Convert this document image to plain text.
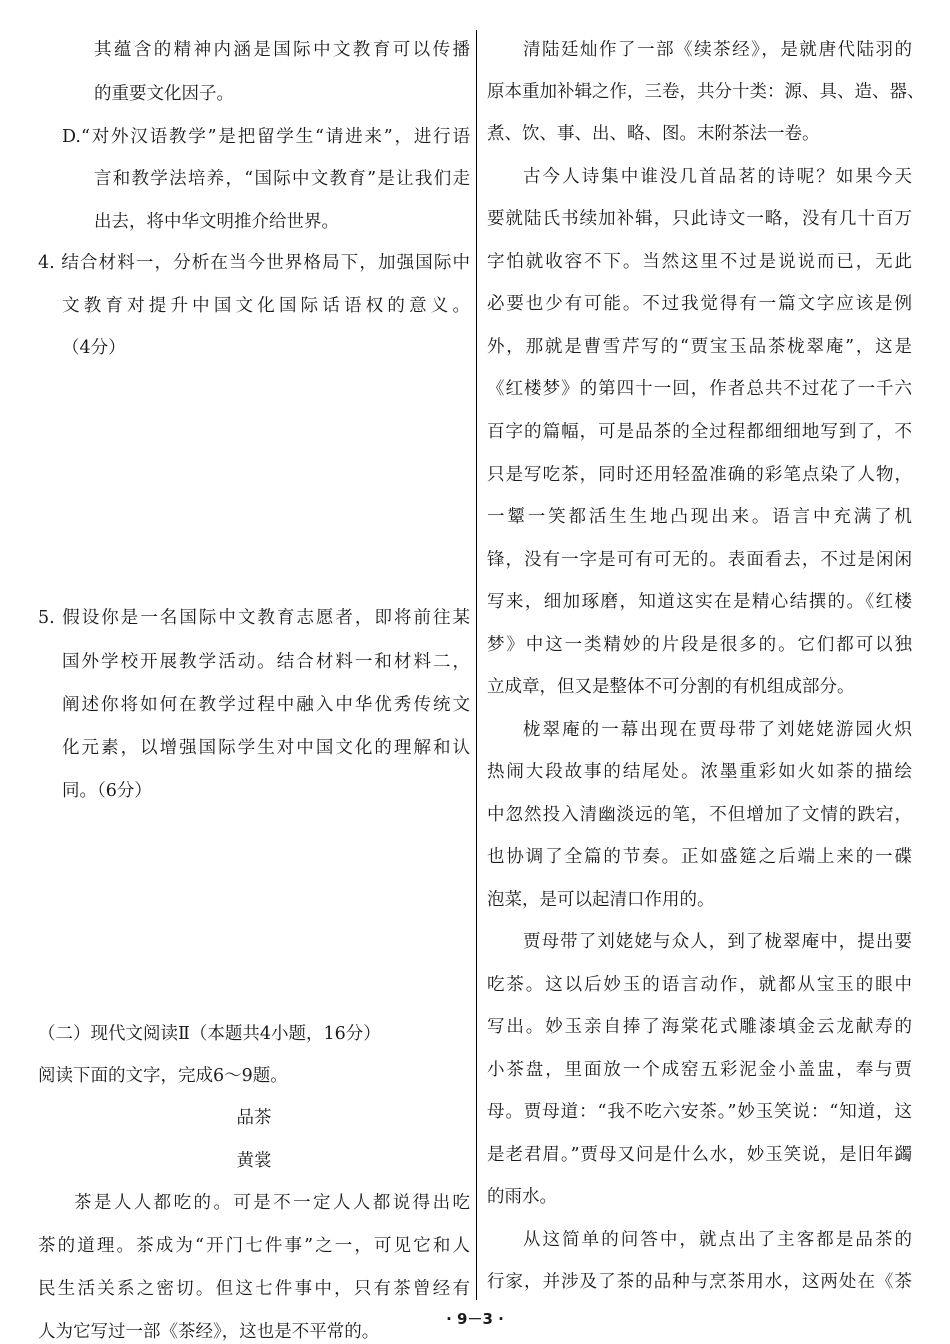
其蕴含的精神内涵是国际中文教育可以传播
的重要文化因子。
D.“对外汉语教学”是把留学生“请进来”，进行语
言和教学法培养，“国际中文教育”是让我们走
出去，将中华文明推介给世界。
4. 结合材料一，分析在当今世界格局下，加强国际中
文教育对提升中国文化国际话语权的意义。
（4分）
5. 假设你是一名国际中文教育志愿者，即将前往某
国外学校开展教学活动。结合材料一和材料二，
阐述你将如何在教学过程中融入中华优秀传统文
化元素，以增强国际学生对中国文化的理解和认
同。（6分）
（二）现代文阅读Ⅱ（本题共4小题，16分）
阅读下面的文字，完成6～9题。
品茶
黄裳
茶是人人都吃的。可是不一定人人都说得出吃
茶的道理。茶成为“开门七件事”之一，可见它和人
民生活关系之密切。但这七件事中，只有茶曾经有
人为它写过一部《茶经》，这也是不平常的。
清陆廷灿作了一部《续茶经》，是就唐代陆羽的
原本重加补辑之作，三卷，共分十类：源、具、造、器、
煮、饮、事、出、略、图。末附茶法一卷。
古今人诗集中谁没几首品茗的诗呢？如果今天
要就陆氏书续加补辑，只此诗文一略，没有几十百万
字怕就收容不下。当然这里不过是说说而已，无此
必要也少有可能。不过我觉得有一篇文字应该是例
外，那就是曹雪芹写的“贾宝玉品茶栊翠庵”，这是
《红楼梦》的第四十一回，作者总共不过花了一千六
百字的篇幅，可是品茶的全过程都细细地写到了，不
只是写吃茶，同时还用轻盈准确的彩笔点染了人物，
一颦一笑都活生生地凸现出来。语言中充满了机
锋，没有一字是可有可无的。表面看去，不过是闲闲
写来，细加琢磨，知道这实在是精心结撰的。《红楼
梦》中这一类精妙的片段是很多的。它们都可以独
立成章，但又是整体不可分割的有机组成部分。
栊翠庵的一幕出现在贾母带了刘姥姥游园火炽
热闹大段故事的结尾处。浓墨重彩如火如荼的描绘
中忽然投入清幽淡远的笔，不但增加了文情的跌宕，
也协调了全篇的节奏。正如盛筵之后端上来的一碟
泡菜，是可以起清口作用的。
贾母带了刘姥姥与众人，到了栊翠庵中，提出要
吃茶。这以后妙玉的语言动作，就都从宝玉的眼中
写出。妙玉亲自捧了海棠花式雕漆填金云龙献寿的
小茶盘，里面放一个成窑五彩泥金小盖盅，奉与贾
母。贾母道：“我不吃六安茶。”妙玉笑说：“知道，这
是老君眉。”贾母又问是什么水，妙玉笑说，是旧年蠲
的雨水。
从这简单的问答中，就点出了主客都是品茶的
行家，并涉及了茶的品种与烹茶用水，这两处在《茶
· 9－3 ·
